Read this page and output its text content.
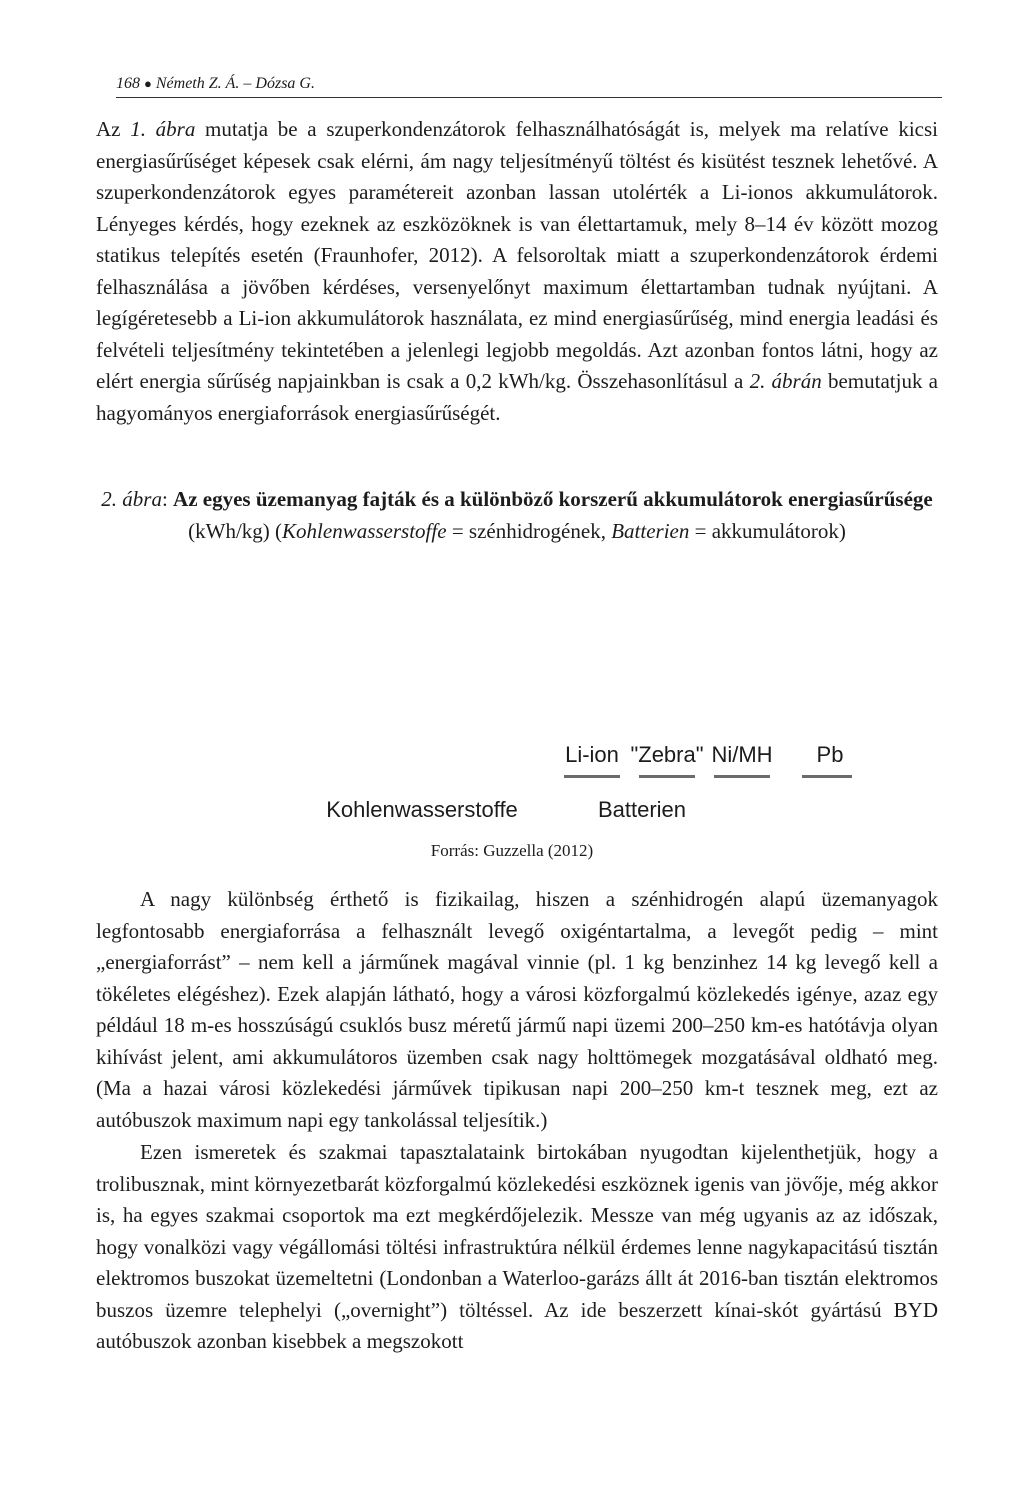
168 ● Németh Z. Á. – Dózsa G.

Az 1. ábra mutatja be a szuperkondenzátorok felhasználhatóságát is, melyek ma relatíve kicsi energiasűrűséget képesek csak elérni, ám nagy teljesítményű töltést és kisütést tesznek lehetővé. A szuperkondenzátorok egyes paramétereit azonban lassan utolérték a Li-ionos akkumulátorok. Lényeges kérdés, hogy ezeknek az eszközöknek is van élettartamuk, mely 8–14 év között mozog statikus telepítés esetén (Fraunhofer, 2012). A felsoroltak miatt a szuperkondenzátorok érdemi felhasználása a jövőben kérdéses, versenyelőnyt maximum élettartamban tudnak nyújtani. A legígéretesebb a Li-ion akkumulátorok használata, ez mind energiasűrűség, mind energia leadási és felvételi teljesítmény tekintetében a jelenlegi legjobb megoldás. Azt azonban fontos látni, hogy az elért energia sűrűség napjainkban is csak a 0,2 kWh/kg. Összehasonlításul a 2. ábrán bemutatjuk a hagyományos energiaforrások energiasűrűségét.

2. ábra: Az egyes üzemanyag fajták és a különböző korszerű akkumulátorok energiasűrűsége (kWh/kg) (Kohlenwasserstoffe = szénhidrogének, Batterien = akkumulátorok)
Li-ion "Zebra" Ni/MH Pb
Kohlenwasserstoffe	Batterien
Forrás: Guzzella (2012)

A nagy különbség érthető is fizikailag, hiszen a szénhidrogén alapú üzemanyagok legfontosabb energiaforrása a felhasznált levegő oxigéntartalma, a levegőt pedig – mint „energiaforrást” – nem kell a járműnek magával vinnie (pl. 1 kg benzinhez 14 kg levegő kell a tökéletes elégéshez). Ezek alapján látható, hogy a városi közforgalmú közlekedés igénye, azaz egy például 18 m-es hosszúságú csuklós busz méretű jármű napi üzemi 200–250 km-es hatótávja olyan kihívást jelent, ami akkumulátoros üzemben csak nagy holttömegek mozgatásával oldható meg. (Ma a hazai városi közlekedési járművek tipikusan napi 200–250 km-t tesznek meg, ezt az autóbuszok maximum napi egy tankolással teljesítik.)

Ezen ismeretek és szakmai tapasztalataink birtokában nyugodtan kijelenthetjük, hogy a trolibusznak, mint környezetbarát közforgalmú közlekedési eszköznek igenis van jövője, még akkor is, ha egyes szakmai csoportok ma ezt megkérdőjelezik. Messze van még ugyanis az az időszak, hogy vonalközi vagy végállomási töltési infrastruktúra nélkül érdemes lenne nagykapacitású tisztán elektromos buszokat üzemeltetni (Londonban a Waterloo-garázs állt át 2016-ban tisztán elektromos buszos üzemre telephelyi („overnight”) töltéssel. Az ide beszerzett kínai-skót gyártású BYD autóbuszok azonban kisebbek a megszokott
